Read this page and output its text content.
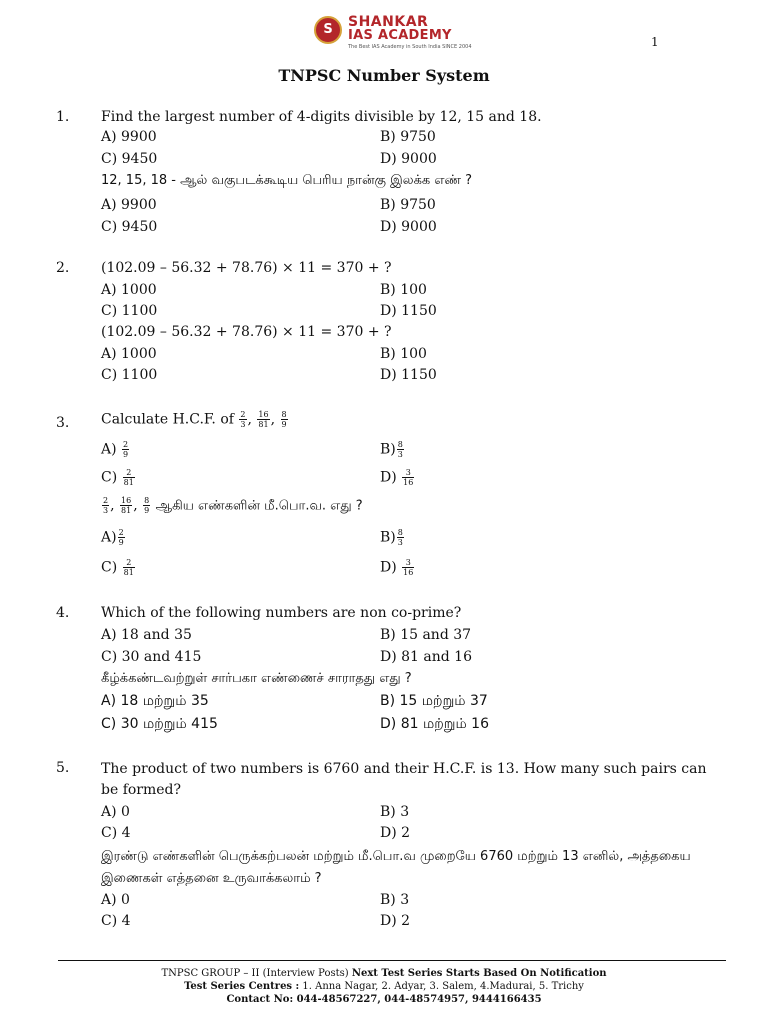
S	SHANKAR
IAS ACADEMY
The Best IAS Academy in South India SINCE 2004	1
TNPSC Number System
1. Find the largest number of 4-digits divisible by 12, 15 and 18.
A) 9900	B) 9750
C) 9450	D) 9000
12, 15, 18 - ஆல் வகுபடக்கூடிய பெரிய நான்கு இலக்க எண் ?
A) 9900	B) 9750
C) 9450	D) 9000
2. (102.09 – 56.32 + 78.76) × 11 = 370 + ?
A) 1000	B) 100
C) 1100	D) 1150
(102.09 – 56.32 + 78.76) × 11 = 370 + ?
A) 1000	B) 100
C) 1100	D) 1150
3. Calculate H.C.F. of $\frac{2}{3}$ , $\frac{16}{81}$ , $\frac{8}{9}$
$A) \frac{2}{9}$	$B) \frac{8}{3}$
$C) \frac{2}{81}$	$D) \frac{3}{16}$
$\frac{2}{3}$ , $\frac{16}{81}$ , $\frac{8}{9}$ ஆகிய எண்களின் மீ.பொ.வ. எது ?
$A) \frac{2}{9}$	$B) \frac{8}{3}$
$C) \frac{2}{81}$	$D) \frac{3}{16}$
4. Which of the following numbers are non co-prime?
A) 18 and 35	B) 15 and 37
C) 30 and 415	D) 81 and 16
கீழ்க்கண்டவற்றுள் சார்பகா எண்ணைச் சாராதது எது ?
A) 18 மற்றும் 35	B) 15 மற்றும் 37
C) 30 மற்றும் 415	D) 81 மற்றும் 16
5. The product of two numbers is 6760 and their H.C.F. is 13. How many such pairs can be formed?
A) 0	B) 3
C) 4	D) 2
இரண்டு எண்களின் பெருக்கற்பலன் மற்றும் மீ.பொ.வ முறையே 6760 மற்றும் 13 எனில், அத்தகைய இணைகள் எத்தனை உருவாக்கலாம் ?
A) 0	B) 3
C) 4	D) 2
TNPSC GROUP – II (Interview Posts) Next Test Series Starts Based On Notification
Test Series Centres : 1. Anna Nagar, 2. Adyar, 3. Salem, 4.Madurai, 5. Trichy
Contact No: 044-48567227, 044-48574957, 9444166435
